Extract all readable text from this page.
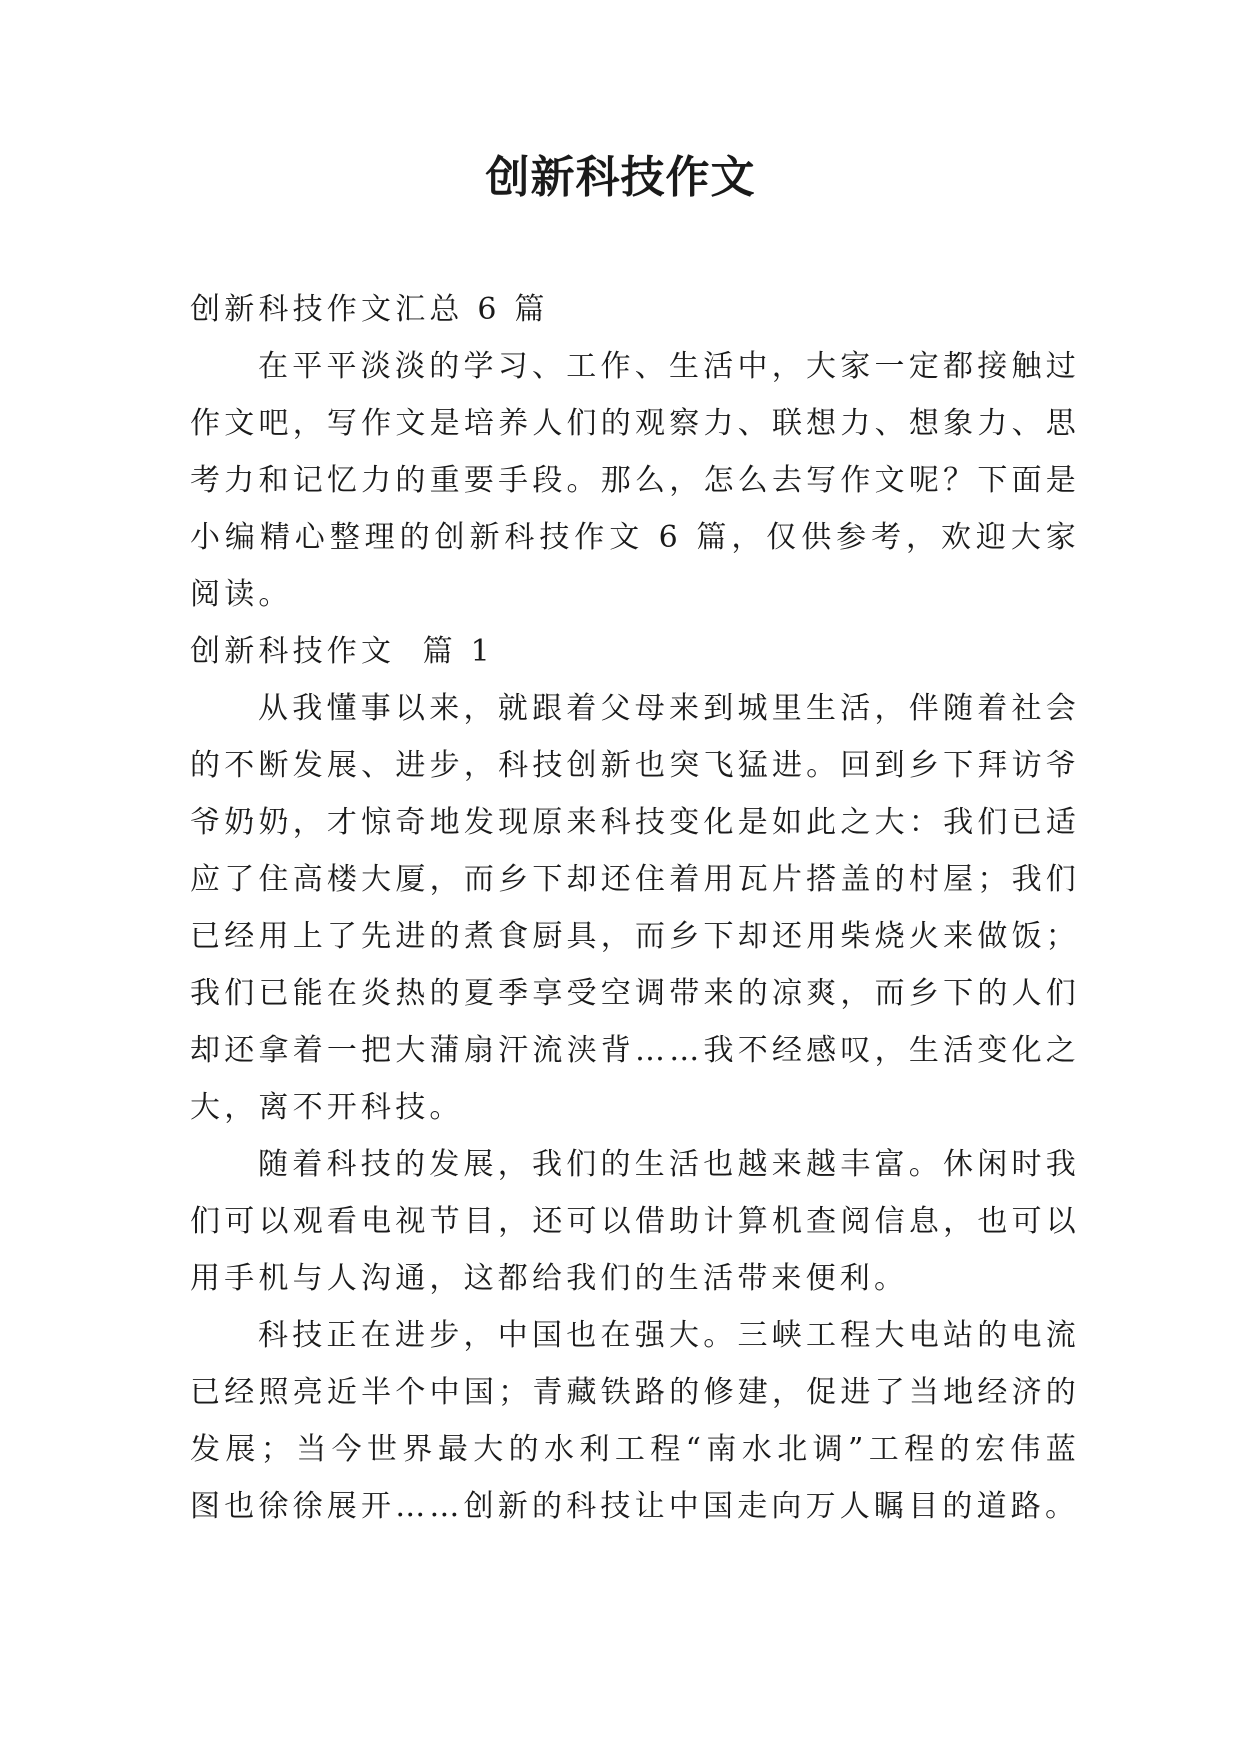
创新科技作文

创新科技作文汇总 6 篇

在平平淡淡的学习、工作、生活中，大家一定都接触过作文吧，写作文是培养人们的观察力、联想力、想象力、思考力和记忆力的重要手段。那么，怎么去写作文呢？下面是小编精心整理的创新科技作文 6 篇，仅供参考，欢迎大家阅读。

创新科技作文  篇 1

从我懂事以来，就跟着父母来到城里生活，伴随着社会的不断发展、进步，科技创新也突飞猛进。回到乡下拜访爷爷奶奶，才惊奇地发现原来科技变化是如此之大：我们已适应了住高楼大厦，而乡下却还住着用瓦片搭盖的村屋；我们已经用上了先进的煮食厨具，而乡下却还用柴烧火来做饭；我们已能在炎热的夏季享受空调带来的凉爽，而乡下的人们却还拿着一把大蒲扇汗流浃背……我不经感叹，生活变化之大，离不开科技。

随着科技的发展，我们的生活也越来越丰富。休闲时我们可以观看电视节目，还可以借助计算机查阅信息，也可以用手机与人沟通，这都给我们的生活带来便利。

科技正在进步，中国也在强大。三峡工程大电站的电流已经照亮近半个中国；青藏铁路的修建，促进了当地经济的发展；当今世界最大的水利工程“南水北调”工程的宏伟蓝图也徐徐展开……创新的科技让中国走向万人瞩目的道路。
